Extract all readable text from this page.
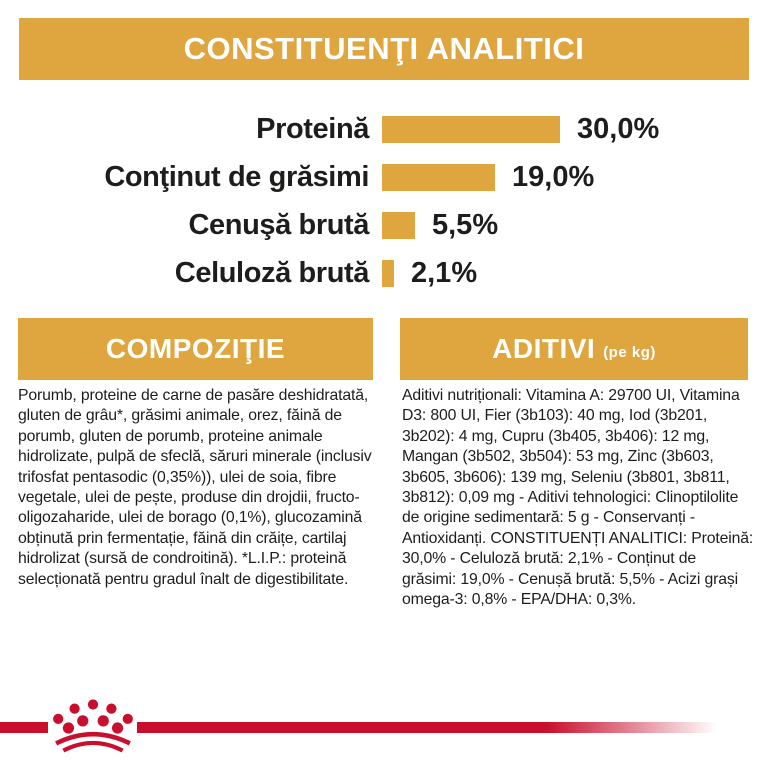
CONSTITUENŢI ANALITICI
Proteină	30,0%
Conţinut de grăsimi	19,0%
Cenuşă brută	5,5%
Celuloză brută	2,1%
COMPOZIŢIE	ADITIVI (pe kg)
Porumb, proteine de carne de pasăre deshidratată, gluten de grâu*, grăsimi animale, orez, făină de porumb, gluten de porumb, proteine animale hidrolizate, pulpă de sfeclă, săruri minerale (inclusiv trifosfat pentasodic (0,35%)), ulei de soia, fibre vegetale, ulei de pește, produse din drojdii, fructo-oligozaharide, ulei de borago (0,1%), glucozamină obținută prin fermentație, făină din crăițe, cartilaj hidrolizat (sursă de condroitină). *L.I.P.: proteină selecționată pentru gradul înalt de digestibilitate.
Aditivi nutriționali: Vitamina A: 29700 UI, Vitamina D3: 800 UI, Fier (3b103): 40 mg, Iod (3b201, 3b202): 4 mg, Cupru (3b405, 3b406): 12 mg, Mangan (3b502, 3b504): 53 mg, Zinc (3b603, 3b605, 3b606): 139 mg, Seleniu (3b801, 3b811, 3b812): 0,09 mg - Aditivi tehnologici: Clinoptilolite de origine sedimentară: 5 g - Conservanți - Antioxidanți. CONSTITUENȚI ANALITICI: Proteină: 30,0% - Celuloză brută: 2,1% - Conținut de grăsimi: 19,0% - Cenușă brută: 5,5% - Acizi grași omega-3: 0,8% - EPA/DHA: 0,3%.
